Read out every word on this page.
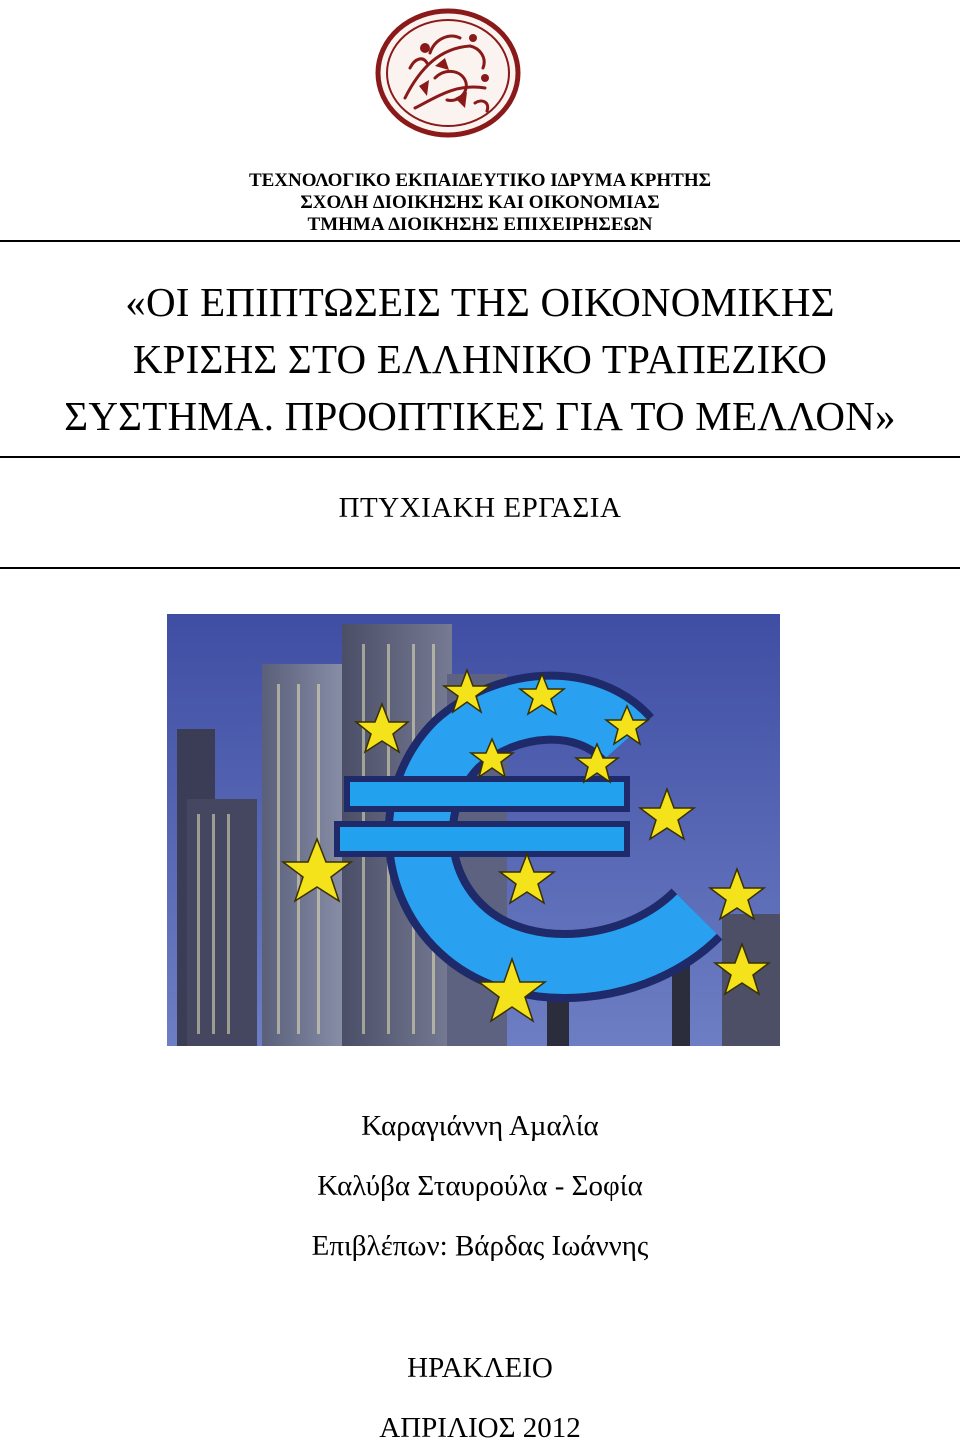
ΤΕΧΝΟΛΟΓΙΚΟ ΕΚΠΑΙ∆ΕΥΤΙΚΟ Ι∆ΡΥΜΑ ΚΡΗΤΗΣ
ΣΧΟΛΗ ∆ΙΟΙΚΗΣΗΣ ΚΑΙ ΟΙΚΟΝΟΜΙΑΣ
ΤΜΗΜΑ ∆ΙΟΙΚΗΣΗΣ ΕΠΙΧΕΙΡΗΣΕΩΝ
«ΟΙ ΕΠΙΠΤΩΣΕΙΣ ΤΗΣ ΟΙΚΟΝΟΜΙΚΗΣ
ΚΡΙΣΗΣ ΣΤΟ ΕΛΛΗΝΙΚΟ ΤΡΑΠΕΖΙΚΟ
ΣΥΣΤΗΜΑ. ΠΡΟΟΠΤΙΚΕΣ ΓΙΑ ΤΟ ΜΕΛΛΟΝ»
ΠΤΥΧΙΑΚΗ ΕΡΓΑΣΙΑ
Καραγιάννη Αµαλία
Καλύβα Σταυρούλα - Σοφία
Επιβλέπων: Βάρδας Ιωάννης
ΗΡΑΚΛΕΙΟ
ΑΠΡΙΛΙΟΣ 2012
